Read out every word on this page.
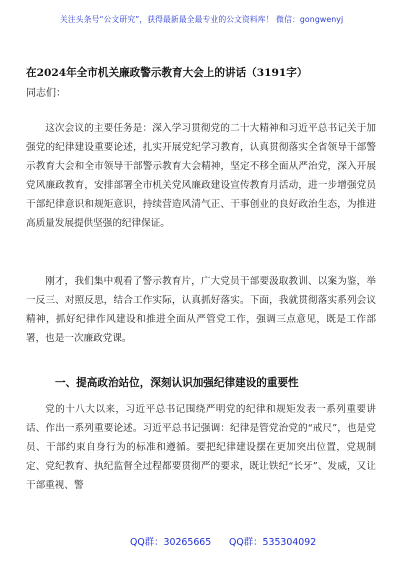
关注头条号“公文研究”，获得最新最全最专业的公文资料库！ 微信：gongwenyj
在2024年全市机关廉政警示教育大会上的讲话（3191字）
同志们：
这次会议的主要任务是：深入学习贯彻党的二十大精神和习近平总书记关于加强党的纪律建设重要论述，扎实开展党纪学习教育，认真贯彻落实全省领导干部警示教育大会和全市领导干部警示教育大会精神，坚定不移全面从严治党，深入开展党风廉政教育，安排部署全市机关党风廉政建设宣传教育月活动，进一步增强党员干部纪律意识和规矩意识，持续营造风清气正、干事创业的良好政治生态，为推进高质量发展提供坚强的纪律保证。
刚才，我们集中观看了警示教育片，广大党员干部要汲取教训、以案为鉴，举一反三、对照反思，结合工作实际，认真抓好落实。下面，我就贯彻落实系列会议精神，抓好纪律作风建设和推进全面从严管党工作，强调三点意见，既是工作部署，也是一次廉政党课。
一、提高政治站位，深刻认识加强纪律建设的重要性
党的十八大以来，习近平总书记围绕严明党的纪律和规矩发表一系列重要讲话、作出一系列重要论述。习近平总书记强调：纪律是管党治党的“戒尺”，也是党员、干部约束自身行为的标准和遵循。要把纪律建设摆在更加突出位置，党规制定、党纪教育、执纪监督全过程都要贯彻严的要求，既让铁纪“长牙”、发威，又让干部重视、警
QQ群：30265665 QQ群：535304092
